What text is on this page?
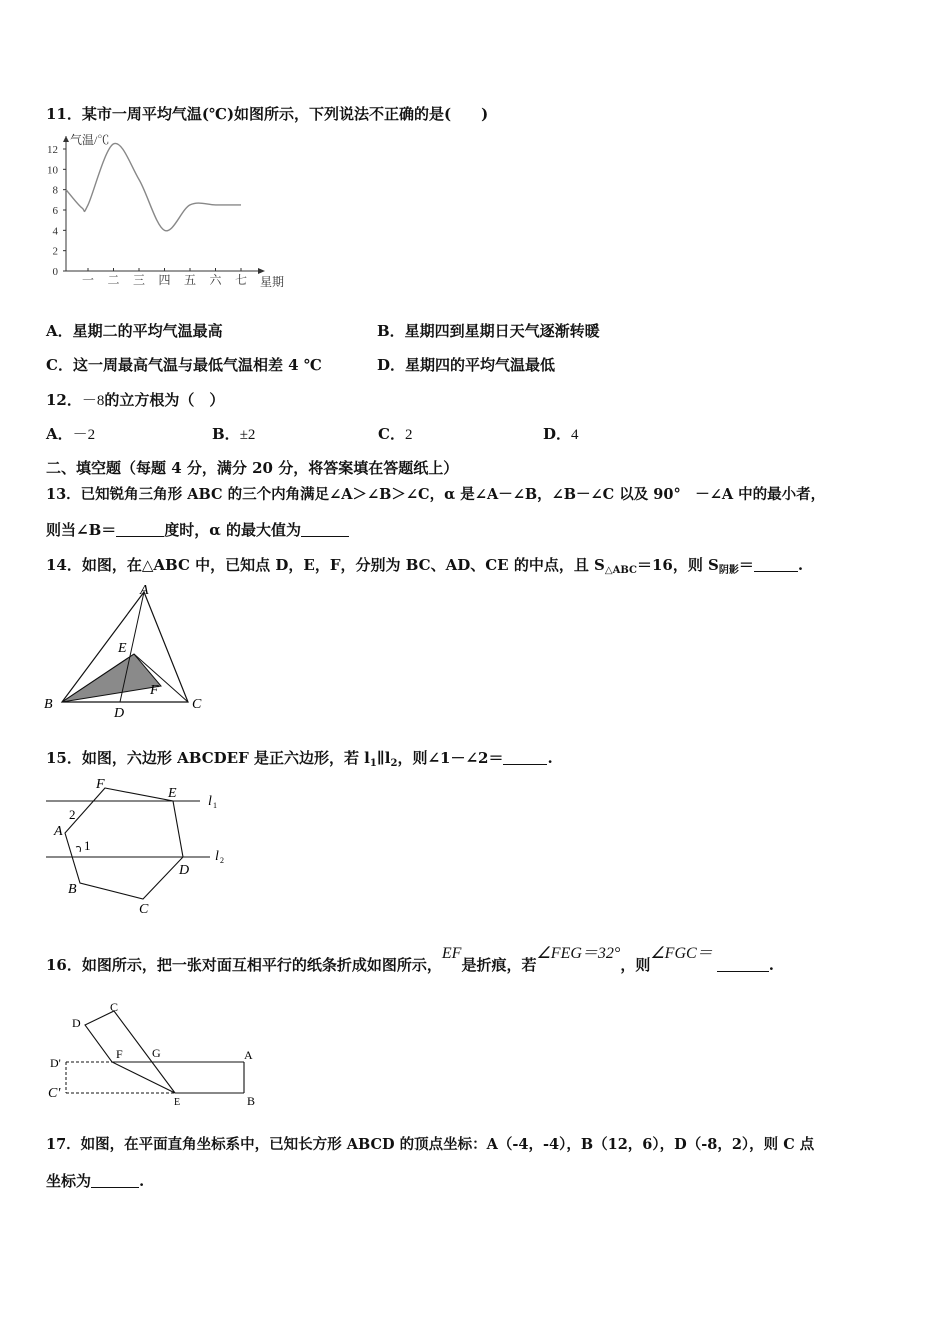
11．某市一周平均气温(℃)如图所示，下列说法不正确的是(　　)
0
2
4
6
8
10
12
一 二 三 四 五 六 七
气温/℃
星期
A．星期二的平均气温最高	B．星期四到星期日天气逐渐转暖
C．这一周最高气温与最低气温相差 4 ℃	D．星期四的平均气温最低
12．－8的立方根为（　）
A．－2	B．±2	C．2	D．4
二、填空题（每题 4 分，满分 20 分，将答案填在答题纸上）
13．已知锐角三角形 ABC 的三个内角满足∠A＞∠B＞∠C，α 是∠A－∠B，∠B－∠C 以及 90°　－∠A 中的最小者，
则当∠B＝	度时，α 的最大值为
14．如图，在△ABC 中，已知点 D，E，F，分别为 BC、AD、CE 的中点，且 $S_{\triangle ABC}=16$，则 $S_{阴影}=$	.
A
B	C
D
E
F
15．如图，六边形 ABCDEF 是正六边形，若 $l_1\parallel l_2$，则∠1－∠2＝	.
F
E
A
B
C
D
2
1
l 1
l 2
16．如图所示，把一张对面互相平行的纸条折成如图所示，EF是折痕，若∠FEG＝32°，则∠FGC＝.
C
D
F G	A
B
E
D'
C'
17．如图，在平面直角坐标系中，已知长方形 ABCD 的顶点坐标：A（-4，-4），B（12，6），D（-8，2），则 C 点
坐标为	.
